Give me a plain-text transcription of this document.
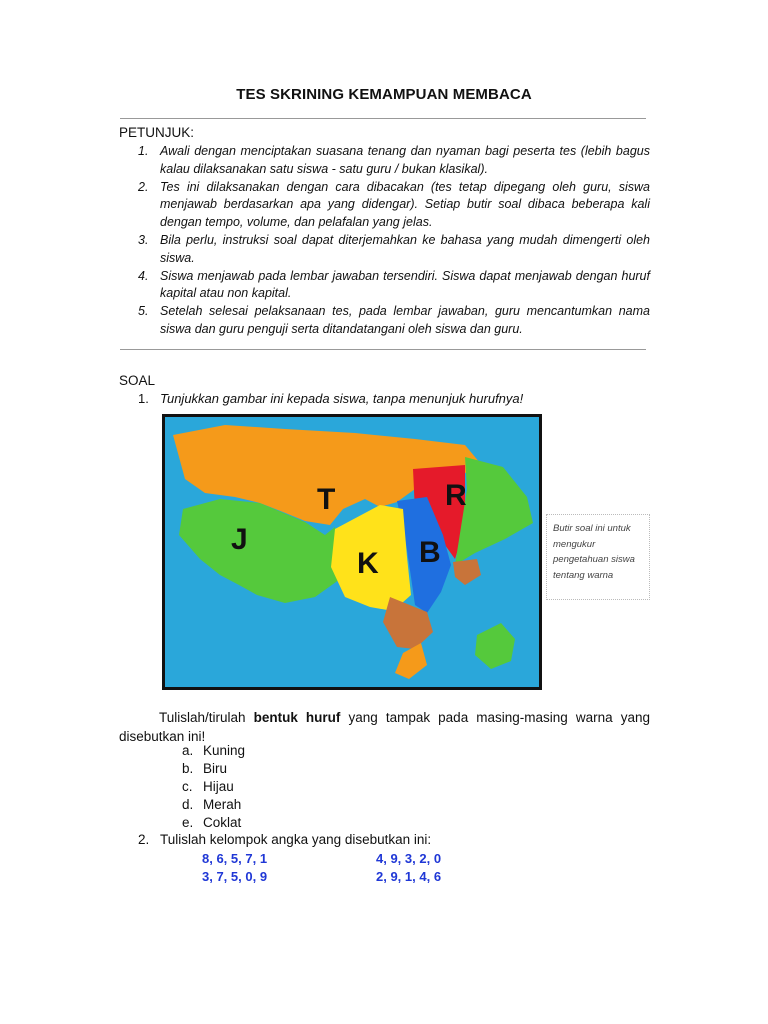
TES SKRINING KEMAMPUAN MEMBACA
PETUNJUK:
1. Awali dengan menciptakan suasana tenang dan nyaman bagi peserta tes (lebih bagus kalau dilaksanakan satu siswa - satu guru / bukan klasikal).
2. Tes ini dilaksanakan dengan cara dibacakan (tes tetap dipegang oleh guru, siswa menjawab berdasarkan apa yang didengar). Setiap butir soal dibaca beberapa kali dengan tempo, volume, dan pelafalan yang jelas.
3. Bila perlu, instruksi soal dapat diterjemahkan ke bahasa yang mudah dimengerti oleh siswa.
4. Siswa menjawab pada lembar jawaban tersendiri. Siswa dapat menjawab dengan huruf kapital atau non kapital.
5. Setelah selesai pelaksanaan tes, pada lembar jawaban, guru mencantumkan nama siswa dan guru penguji serta ditandatangani oleh siswa dan guru.
SOAL
1. Tunjukkan gambar ini kepada siswa, tanpa menunjuk hurufnya!
T	R
J
K B
Butir soal ini untuk mengukur pengetahuan siswa tentang warna
Tulislah/tirulah bentuk huruf yang tampak pada masing-masing warna yang disebutkan ini!
a. Kuning
b. Biru
c. Hijau
d. Merah
e. Coklat
2. Tulislah kelompok angka yang disebutkan ini:
8, 6, 5, 7, 1	4, 9, 3, 2, 0
3, 7, 5, 0, 9	2, 9, 1, 4, 6
